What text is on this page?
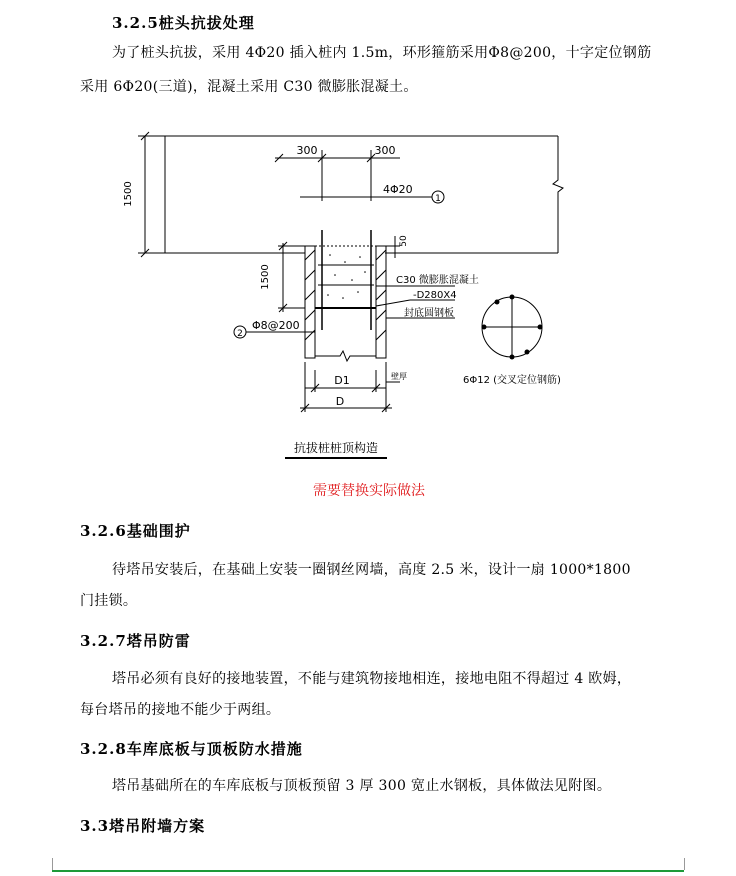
3.2.5桩头抗拔处理
为了桩头抗拔，采用 4Φ20 插入桩内 1.5m，环形箍筋采用Φ8@200，十字定位钢筋
采用 6Φ20(三道)，混凝土采用 C30 微膨胀混凝土。
1500
300	300
4Φ20
1
50
1500	C30 微膨胀混凝土
-D280X4
封底圆钢板
2
Φ8@200
D1
D
壁厚
抗拔桩桩顶构造
6Φ12 (交叉定位钢筋)
需要替换实际做法
3.2.6基础围护
待塔吊安装后，在基础上安装一圈钢丝网墙，高度 2.5 米，设计一扇 1000*1800
门挂锁。
3.2.7塔吊防雷
塔吊必须有良好的接地装置，不能与建筑物接地相连，接地电阻不得超过 4 欧姆，
每台塔吊的接地不能少于两组。
3.2.8车库底板与顶板防水措施
塔吊基础所在的车库底板与顶板预留 3 厚 300 宽止水钢板，具体做法见附图。
3.3塔吊附墙方案
